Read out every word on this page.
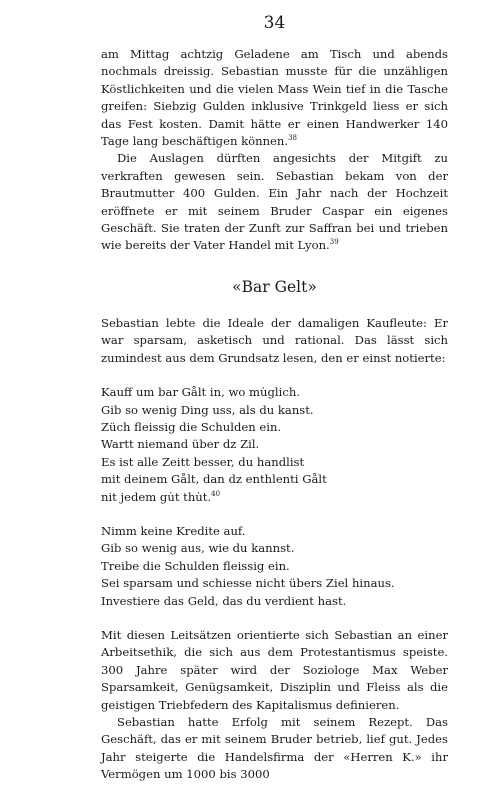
34

am Mittag achtzig Geladene am Tisch und abends nochmals dreissig. Sebastian musste für die unzähligen Köstlichkeiten und die vielen Mass Wein tief in die Tasche greifen: Siebzig Gulden inklusive Trinkgeld liess er sich das Fest kosten. Damit hätte er einen Handwerker 140 Tage lang beschäftigen können.$^{38}$

Die Auslagen dürften angesichts der Mitgift zu verkraften gewesen sein. Sebastian bekam von der Brautmutter 400 Gulden. Ein Jahr nach der Hochzeit eröffnete er mit seinem Bruder Caspar ein eigenes Geschäft. Sie traten der Zunft zur Saffran bei und trieben wie bereits der Vater Handel mit Lyon.$^{39}$

«Bar Gelt»

Sebastian lebte die Ideale der damaligen Kaufleute: Er war sparsam, asketisch und rational. Das lässt sich zumindest aus dem Grundsatz lesen, den er einst notierte:

Kauff um bar Gålt in, wo mu̇glich.
Gib so wenig Ding uss, als du kanst.
Züch fleissig die Schulden ein.
Wartt niemand über dz Zil.
Es ist alle Zeitt besser, du handlist
mit deinem Gålt, dan dz enthlenti Gålt
nit jedem gu̇t thu̇t.$^{40}$
Nimm keine Kredite auf.
Gib so wenig aus, wie du kannst.
Treibe die Schulden fleissig ein.
Sei sparsam und schiesse nicht übers Ziel hinaus.
Investiere das Geld, das du verdient hast.

Mit diesen Leitsätzen orientierte sich Sebastian an einer Arbeitsethik, die sich aus dem Protestantismus speiste. 300 Jahre später wird der Soziologe Max Weber Sparsamkeit, Genügsamkeit, Disziplin und Fleiss als die geistigen Triebfedern des Kapitalismus definieren.

Sebastian hatte Erfolg mit seinem Rezept. Das Geschäft, das er mit seinem Bruder betrieb, lief gut. Jedes Jahr steigerte die Handelsfirma der «Herren K.» ihr Vermögen um 1000 bis 3000
